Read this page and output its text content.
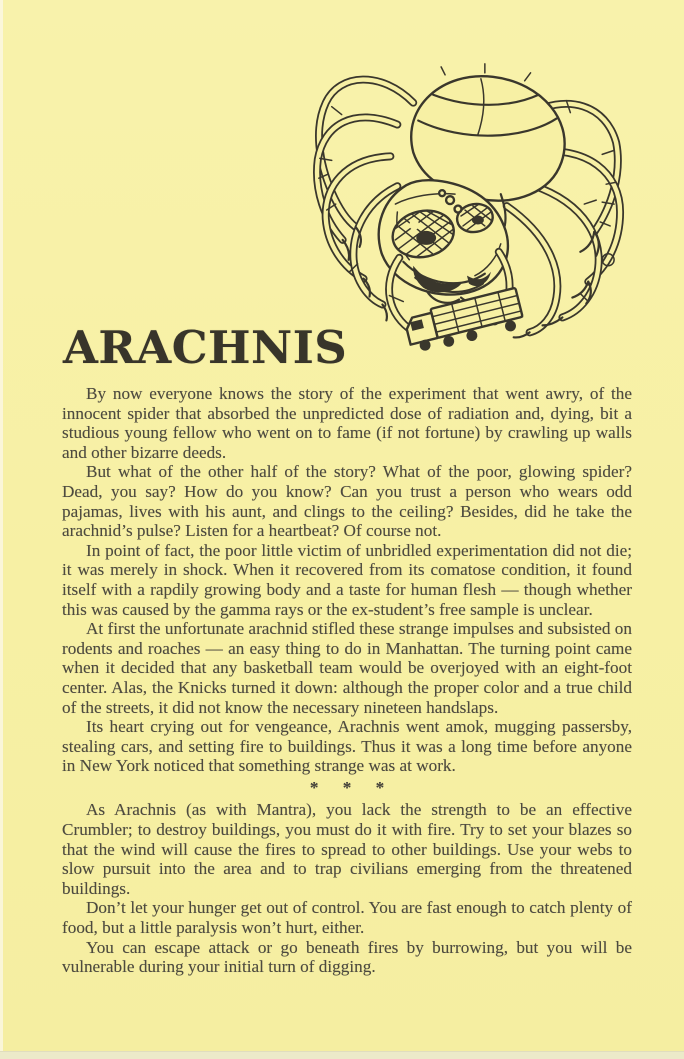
ARACHNIS

By now everyone knows the story of the experiment that went awry, of the innocent spider that absorbed the unpredicted dose of radiation and, dying, bit a studious young fellow who went on to fame (if not fortune) by crawling up walls and other bizarre deeds.

But what of the other half of the story? What of the poor, glowing spider? Dead, you say? How do you know? Can you trust a person who wears odd pajamas, lives with his aunt, and clings to the ceiling? Besides, did he take the arachnid’s pulse? Listen for a heartbeat? Of course not.

In point of fact, the poor little victim of unbridled experimentation did not die; it was merely in shock. When it recovered from its comatose condition, it found itself with a rapdily growing body and a taste for human flesh — though whether this was caused by the gamma rays or the ex-student’s free sample is unclear.

At first the unfortunate arachnid stifled these strange impulses and subsisted on rodents and roaches — an easy thing to do in Manhattan. The turning point came when it decided that any basketball team would be overjoyed with an eight-foot center. Alas, the Knicks turned it down: although the proper color and a true child of the streets, it did not know the necessary nineteen handslaps.

Its heart crying out for vengeance, Arachnis went amok, mugging passersby, stealing cars, and setting fire to buildings. Thus it was a long time before anyone in New York noticed that something strange was at work.

* * *

As Arachnis (as with Mantra), you lack the strength to be an effective Crumbler; to destroy buildings, you must do it with fire. Try to set your blazes so that the wind will cause the fires to spread to other buildings. Use your webs to slow pursuit into the area and to trap civilians emerging from the threatened buildings.

Don’t let your hunger get out of control. You are fast enough to catch plenty of food, but a little paralysis won’t hurt, either.

You can escape attack or go beneath fires by burrowing, but you will be vulnerable during your initial turn of digging.
